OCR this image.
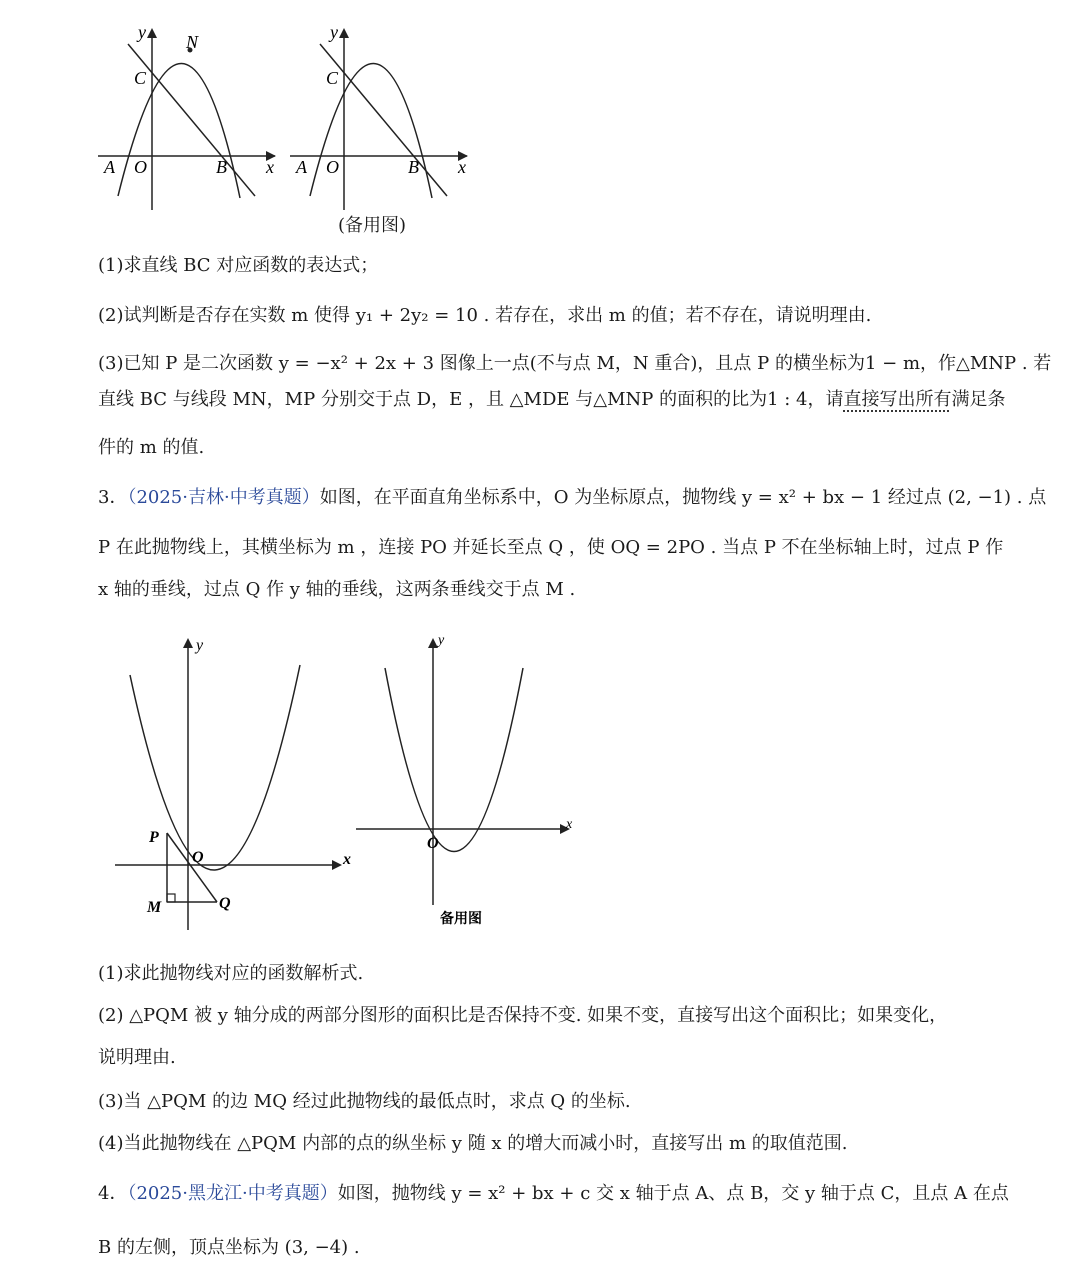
y N
C
A O	B x
y
C
A O	B x
(备用图)
(1)求直线 BC 对应函数的表达式；
(2)试判断是否存在实数 m 使得 y₁ + 2y₂ = 10 . 若存在，求出 m 的值；若不存在，请说明理由.
(3)已知 P 是二次函数 y = −x² + 2x + 3 图像上一点(不与点 M，N 重合)，且点 P 的横坐标为1 − m，作△MNP . 若
直线 BC 与线段 MN，MP 分别交于点 D，E ，且 △MDE 与△MNP 的面积的比为1 : 4，请直接写出所有满足条
件的 m 的值.
3．（2025·吉林·中考真题）如图，在平面直角坐标系中，O 为坐标原点，抛物线 y = x² + bx − 1 经过点 (2, −1) . 点
P 在此抛物线上，其横坐标为 m ，连接 PO 并延长至点 Q ，使 OQ = 2PO . 当点 P 不在坐标轴上时，过点 P 作
x 轴的垂线，过点 Q 作 y 轴的垂线，这两条垂线交于点 M .
y
P
O	x
M	Q
y
x
O
备用图
(1)求此抛物线对应的函数解析式.
(2) △PQM 被 y 轴分成的两部分图形的面积比是否保持不变. 如果不变，直接写出这个面积比；如果变化，
说明理由.
(3)当 △PQM 的边 MQ 经过此抛物线的最低点时，求点 Q 的坐标.
(4)当此抛物线在 △PQM 内部的点的纵坐标 y 随 x 的增大而减小时，直接写出 m 的取值范围.
4．（2025·黑龙江·中考真题）如图，抛物线 y = x² + bx + c 交 x 轴于点 A、点 B，交 y 轴于点 C，且点 A 在点
B 的左侧，顶点坐标为 (3, −4) .
